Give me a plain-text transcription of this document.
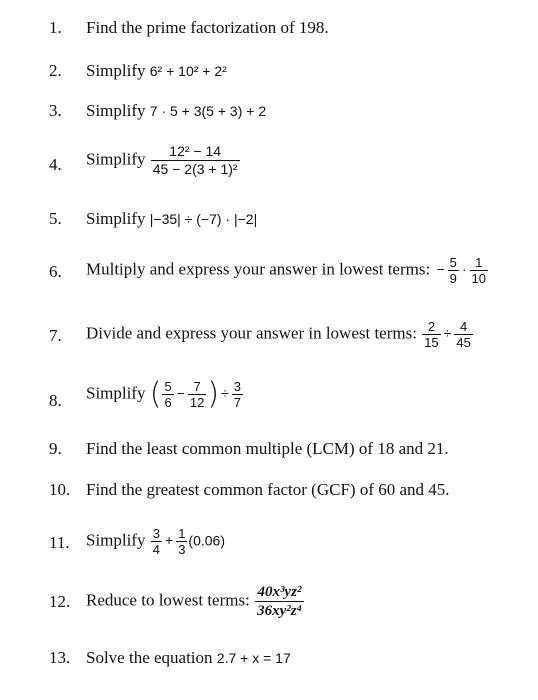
1.	Find the prime factorization of 198.
2.	Simplify 6² + 10² + 2²
3.	Simplify 7 · 5 + 3(5 + 3) + 2
4.	Simplify $\frac{\text{12² − 14}}{\text{45 − 2(3 + 1)²}}$
5.	Simplify |−35| ÷ (−7) · |−2|
6.	Multiply and express your answer in lowest terms: − $\frac{5}{9} \cdot \frac{1}{10}$
7.	Divide and express your answer in lowest terms: $\frac{2}{15} \div \frac{4}{45}$
8.	Simplify ( $\frac{5}{6} - \frac{7}{12}$ ) ÷ $\frac{3}{7}$
9.	Find the least common multiple (LCM) of 18 and 21.
10. Find the greatest common factor (GCF) of 60 and 45.
11. Simplify $\frac{3}{4} + \frac{1}{3} (0.06)$
12. Reduce to lowest terms: $\frac{\text{40x³yz²}}{\text{36xy²z⁴}}$
13. Solve the equation 2.7 + x = 17
